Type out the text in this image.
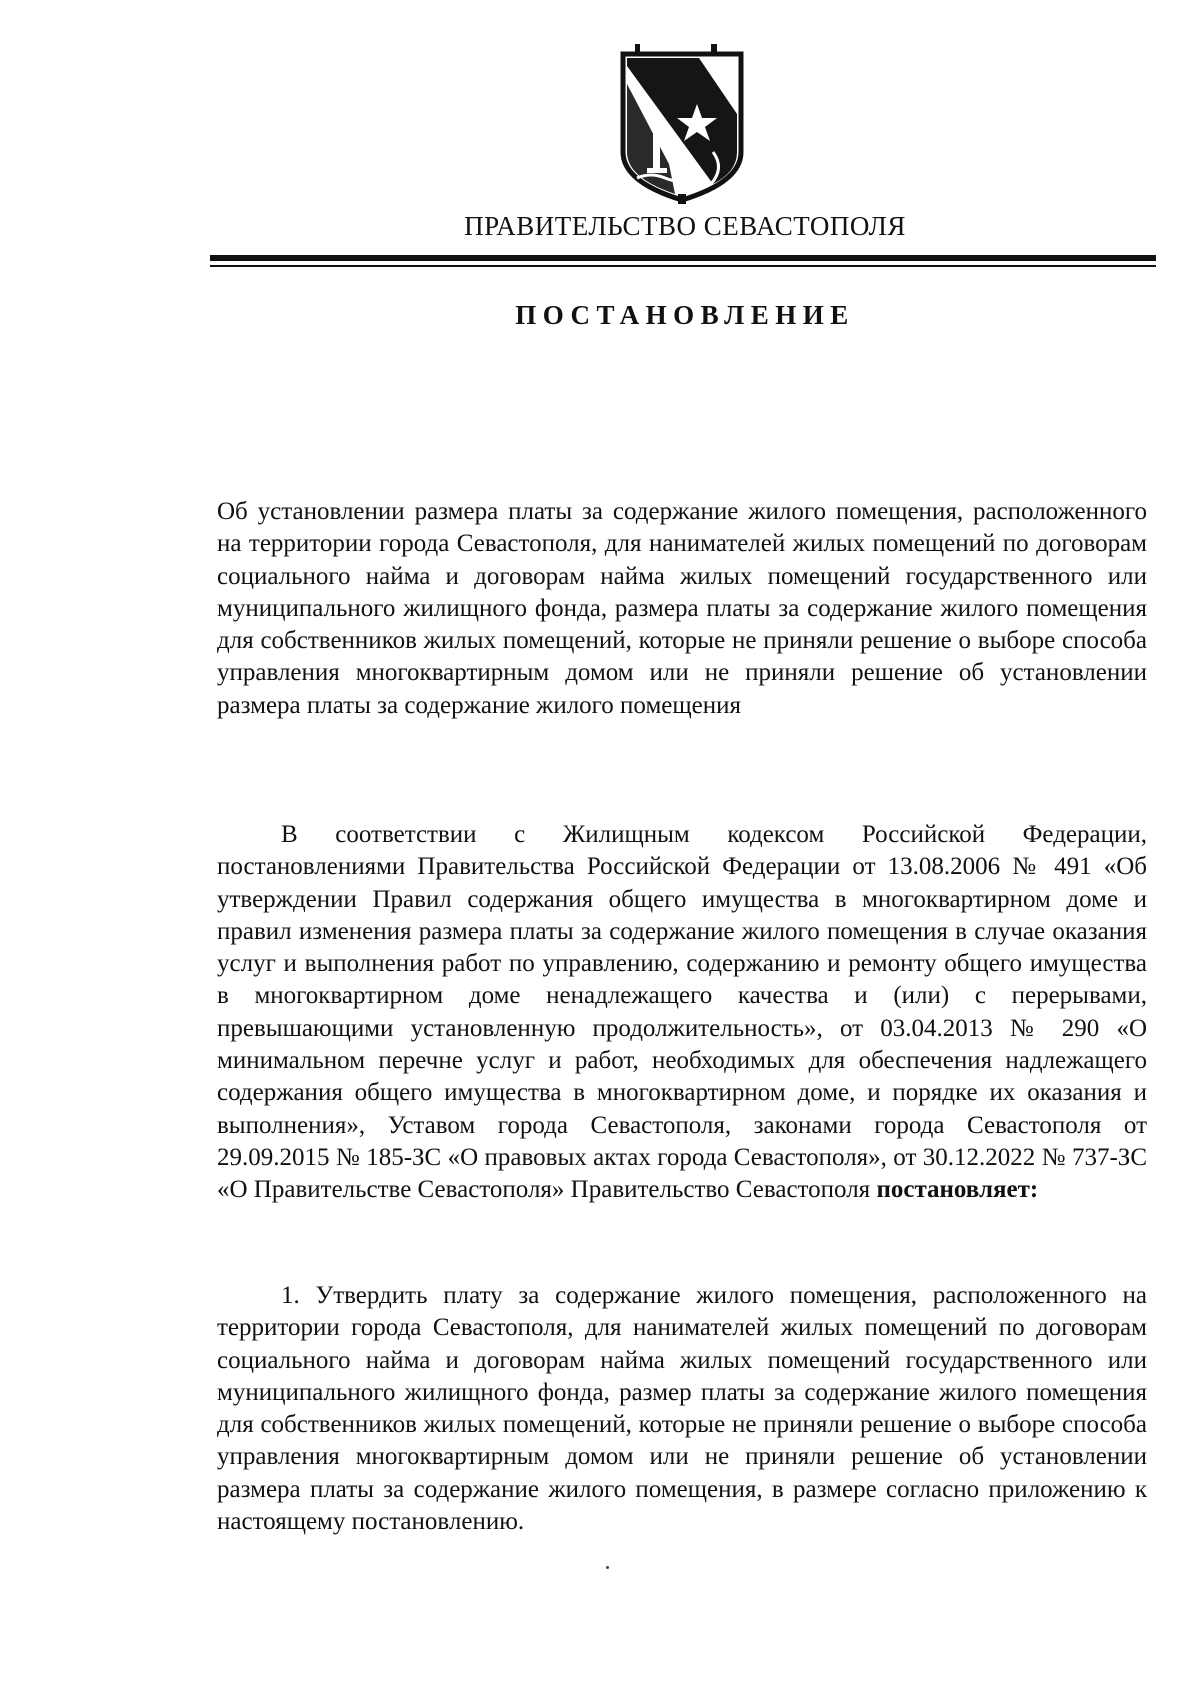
ПРАВИТЕЛЬСТВО СЕВАСТОПОЛЯ
ПОСТАНОВЛЕНИЕ
Об установлении размера платы за содержание жилого помещения, расположенного на территории города Севастополя, для нанимателей жилых помещений по договорам социального найма и договорам найма жилых помещений государственного или муниципального жилищного фонда, размера платы за содержание жилого помещения для собственников жилых помещений, которые не приняли решение о выборе способа управления многоквартирным домом или не приняли решение об установлении размера платы за содержание жилого помещения
В соответствии с Жилищным кодексом Российской Федерации, постановлениями Правительства Российской Федерации от 13.08.2006 № 491 «Об утверждении Правил содержания общего имущества в многоквартирном доме и правил изменения размера платы за содержание жилого помещения в случае оказания услуг и выполнения работ по управлению, содержанию и ремонту общего имущества в многоквартирном доме ненадлежащего качества и (или) с перерывами, превышающими установленную продолжительность», от 03.04.2013 № 290 «О минимальном перечне услуг и работ, необходимых для обеспечения надлежащего содержания общего имущества в многоквартирном доме, и порядке их оказания и выполнения», Уставом города Севастополя, законами города Севастополя от 29.09.2015 № 185-ЗС «О правовых актах города Севастополя», от 30.12.2022 № 737-ЗС «О Правительстве Севастополя» Правительство Севастополя постановляет:
1. Утвердить плату за содержание жилого помещения, расположенного на территории города Севастополя, для нанимателей жилых помещений по договорам социального найма и договорам найма жилых помещений государственного или муниципального жилищного фонда, размер платы за содержание жилого помещения для собственников жилых помещений, которые не приняли решение о выборе способа управления многоквартирным домом или не приняли решение об установлении размера платы за содержание жилого помещения, в размере согласно приложению к настоящему постановлению.
